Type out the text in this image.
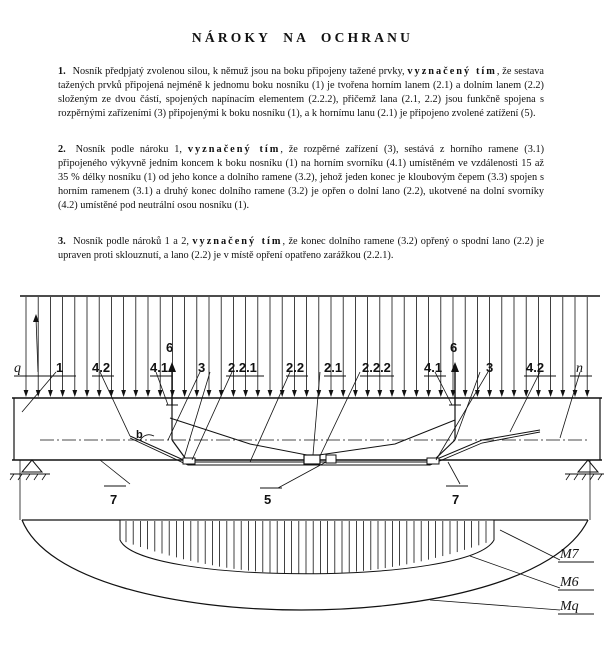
NÁROKY NA OCHRANU
1. Nosník předpjatý zvolenou silou, k němuž jsou na boku připojeny tažené prvky, vyznačený tím, že sestava tažených prvků připojená nejméně k jednomu boku nosníku (1) je tvořena horním lanem (2.1) a dolním lanem (2.2) složeným ze dvou částí, spojených napínacím elementem (2.2.2), přičemž lana (2.1, 2.2) jsou funkčně spojena s rozpěrnými zařízeními (3) připojenými k boku nosníku (1), a k hornímu lanu (2.1) je připojeno zvolené zatížení (5).
2. Nosník podle nároku 1, vyznačený tím, že rozpěrné zařízení (3), sestává z horního ramene (3.1) připojeného výkyvně jedním koncem k boku nosníku (1) na horním svorníku (4.1) umístěném ve vzdálenosti 15 až 35 % délky nosníku (1) od jeho konce a dolního ramene (3.2), jehož jeden konec je kloubovým čepem (3.3) spojen s horním ramenem (3.1) a druhý konec dolního ramene (3.2) je opřen o dolní lano (2.2), ukotvené na dolní svorníky (4.2) umístěné pod neutrální osou nosníku (1).
3. Nosník podle nároků 1 a 2, vyznačený tím, že konec dolního ramene (3.2) opřený o spodní lano (2.2) je upraven proti sklouznutí, a lano (2.2) je v místě opření opatřeno zarážkou (2.2.1).
q	1 4.2	4.1
6
3 2.2.1 2.2 2.1 2.2.2	4.1
6
3	4.2 n
b
7	5	7
M7
M6
Mq
